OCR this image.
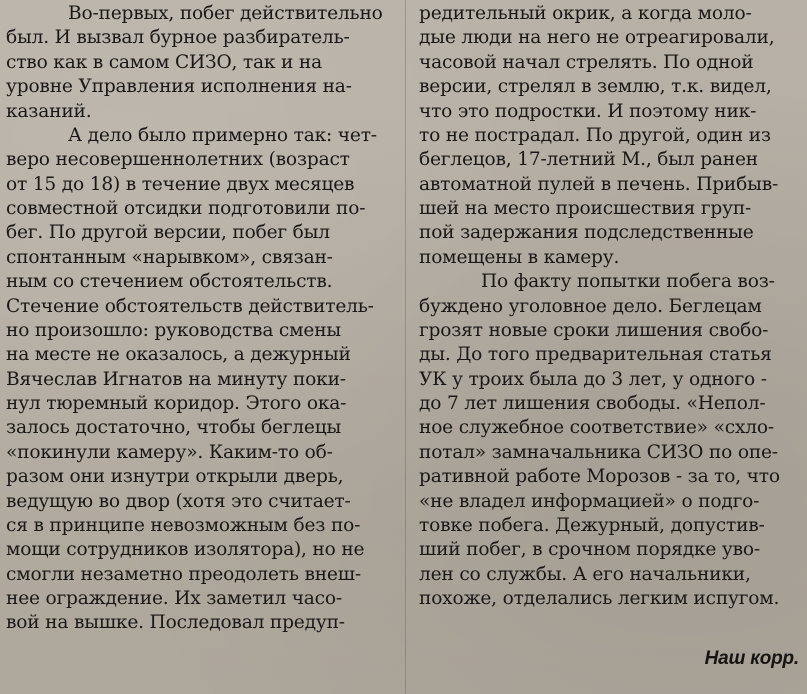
Во-первых, побег действительно
был. И вызвал бурное разбиратель-
ство как в самом СИЗО, так и на
уровне Управления исполнения на-
казаний.
А дело было примерно так: чет-
веро несовершеннолетних (возраст
от 15 до 18) в течение двух месяцев
совместной отсидки подготовили по-
бег. По другой версии, побег был
спонтанным «нарывком», связан-
ным со стечением обстоятельств.
Стечение обстоятельств действитель-
но произошло: руководства смены
на месте не оказалось, а дежурный
Вячеслав Игнатов на минуту поки-
нул тюремный коридор. Этого ока-
залось достаточно, чтобы беглецы
«покинули камеру». Каким-то об-
разом они изнутри открыли дверь,
ведущую во двор (хотя это считает-
ся в принципе невозможным без по-
мощи сотрудников изолятора), но не
смогли незаметно преодолеть внеш-
нее ограждение. Их заметил часо-
вой на вышке. Последовал предуп-
редительный окрик, а когда моло-
дые люди на него не отреагировали,
часовой начал стрелять. По одной
версии, стрелял в землю, т.к. видел,
что это подростки. И поэтому ник-
то не пострадал. По другой, один из
беглецов, 17-летний М., был ранен
автоматной пулей в печень. Прибыв-
шей на место происшествия груп-
пой задержания подследственные
помещены в камеру.
По факту попытки побега воз-
буждено уголовное дело. Беглецам
грозят новые сроки лишения свобо-
ды. До того предварительная статья
УК у троих была до 3 лет, у одного -
до 7 лет лишения свободы. «Непол-
ное служебное соответствие» «схло-
потал» замначальника СИЗО по опе-
ративной работе Морозов - за то, что
«не владел информацией» о подго-
товке побега. Дежурный, допустив-
ший побег, в срочном порядке уво-
лен со службы. А его начальники,
похоже, отделались легким испугом.
Наш корр.
